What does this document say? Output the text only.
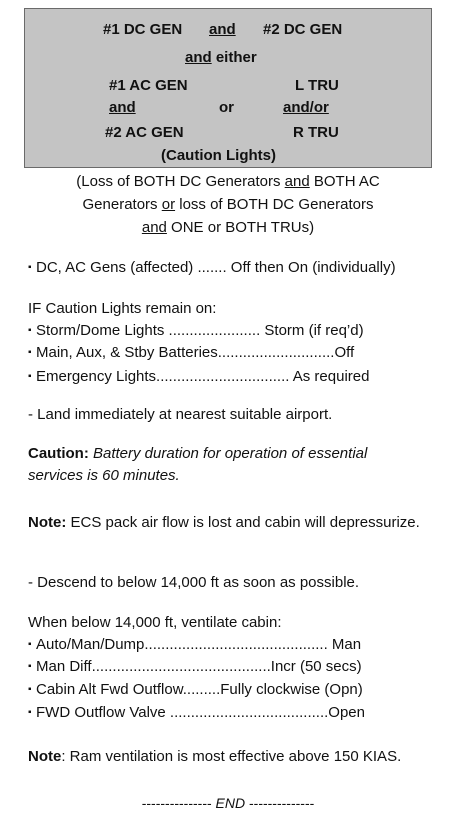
#1 DC GEN and #2 DC GEN
and either
#1 AC GEN	L TRU
and	or	and/or
#2 AC GEN	R TRU
(Caution Lights)
(Loss of BOTH DC Generators and BOTH AC
Generators or loss of BOTH DC Generators
and ONE or BOTH TRUs)
▪ DC, AC Gens (affected) ....... Off then On (individually)
IF Caution Lights remain on:
▪ Storm/Dome Lights ...................... Storm (if req’d)
▪ Main, Aux, & Stby Batteries............................Off
▪ Emergency Lights................................ As required
- Land immediately at nearest suitable airport.
Caution: Battery duration for operation of essential services is 60 minutes.
Note: ECS pack air flow is lost and cabin will depressurize.
- Descend to below 14,000 ft as soon as possible.
When below 14,000 ft, ventilate cabin:
▪ Auto/Man/Dump............................................ Man
▪ Man Diff...........................................Incr (50 secs)
▪ Cabin Alt Fwd Outflow.........Fully clockwise (Opn)
▪ FWD Outflow Valve ......................................Open
Note: Ram ventilation is most effective above 150 KIAS.
--------------- END --------------
